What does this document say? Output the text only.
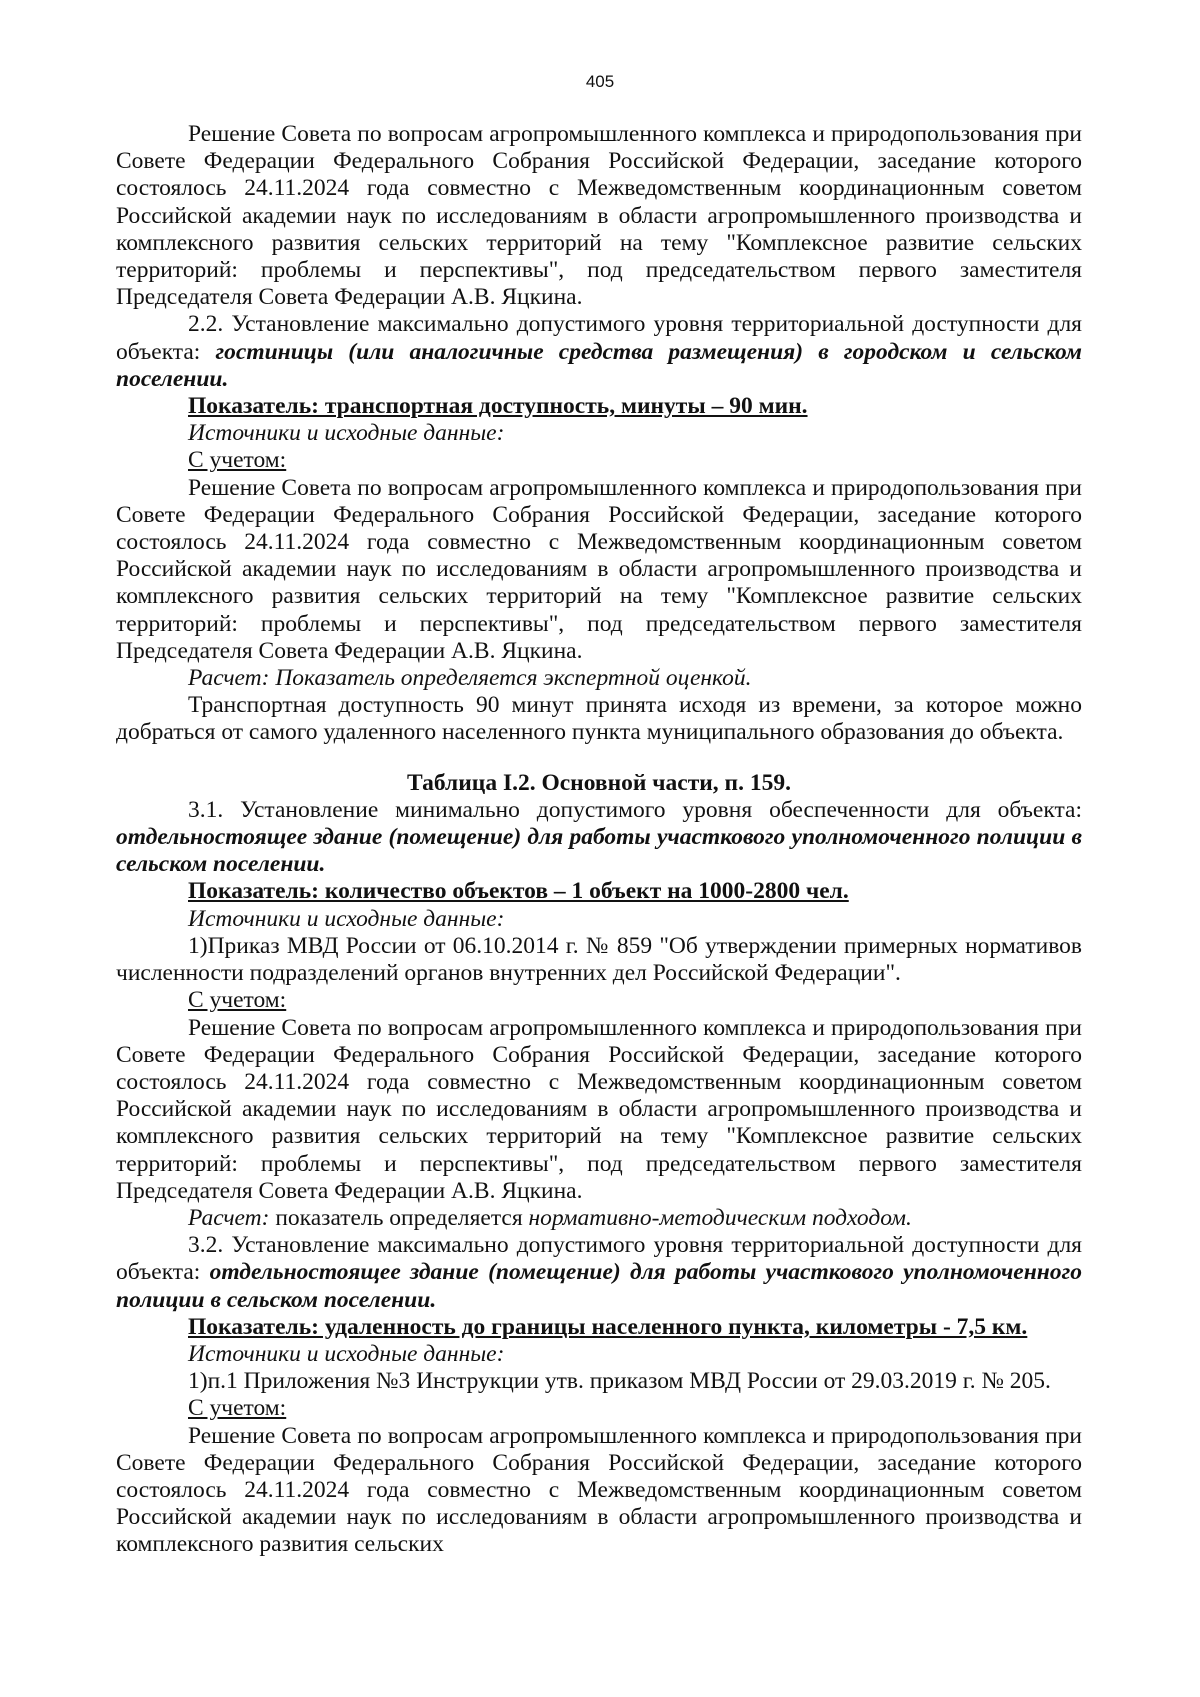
405

Решение Совета по вопросам агропромышленного комплекса и природопользования при Совете Федерации Федерального Собрания Российской Федерации, заседание которого состоялось 24.11.2024 года совместно с Межведомственным координационным советом Российской академии наук по исследованиям в области агропромышленного производства и комплексного развития сельских территорий на тему "Комплексное развитие сельских территорий: проблемы и перспективы", под председательством первого заместителя Председателя Совета Федерации А.В. Яцкина.

2.2. Установление максимально допустимого уровня территориальной доступности для объекта: гостиницы (или аналогичные средства размещения) в городском и сельском поселении.

Показатель: транспортная доступность, минуты – 90 мин.

Источники и исходные данные:

С учетом:

Решение Совета по вопросам агропромышленного комплекса и природопользования при Совете Федерации Федерального Собрания Российской Федерации, заседание которого состоялось 24.11.2024 года совместно с Межведомственным координационным советом Российской академии наук по исследованиям в области агропромышленного производства и комплексного развития сельских территорий на тему "Комплексное развитие сельских территорий: проблемы и перспективы", под председательством первого заместителя Председателя Совета Федерации А.В. Яцкина.

Расчет: Показатель определяется экспертной оценкой.

Транспортная доступность 90 минут принята исходя из времени, за которое можно добраться от самого удаленного населенного пункта муниципального образования до объекта.

Таблица I.2. Основной части, п. 159.

3.1. Установление минимально допустимого уровня обеспеченности для объекта: отдельностоящее здание (помещение) для работы участкового уполномоченного полиции в сельском поселении.

Показатель: количество объектов – 1 объект на 1000-2800 чел.

Источники и исходные данные:

1)Приказ МВД России от 06.10.2014 г. № 859 "Об утверждении примерных нормативов численности подразделений органов внутренних дел Российской Федерации".

С учетом:

Решение Совета по вопросам агропромышленного комплекса и природопользования при Совете Федерации Федерального Собрания Российской Федерации, заседание которого состоялось 24.11.2024 года совместно с Межведомственным координационным советом Российской академии наук по исследованиям в области агропромышленного производства и комплексного развития сельских территорий на тему "Комплексное развитие сельских территорий: проблемы и перспективы", под председательством первого заместителя Председателя Совета Федерации А.В. Яцкина.

Расчет: показатель определяется нормативно-методическим подходом.

3.2. Установление максимально допустимого уровня территориальной доступности для объекта: отдельностоящее здание (помещение) для работы участкового уполномоченного полиции в сельском поселении.

Показатель: удаленность до границы населенного пункта, километры - 7,5 км.

Источники и исходные данные:

1)п.1 Приложения №3 Инструкции утв. приказом МВД России от 29.03.2019 г. № 205.

С учетом:

Решение Совета по вопросам агропромышленного комплекса и природопользования при Совете Федерации Федерального Собрания Российской Федерации, заседание которого состоялось 24.11.2024 года совместно с Межведомственным координационным советом Российской академии наук по исследованиям в области агропромышленного производства и комплексного развития сельских
